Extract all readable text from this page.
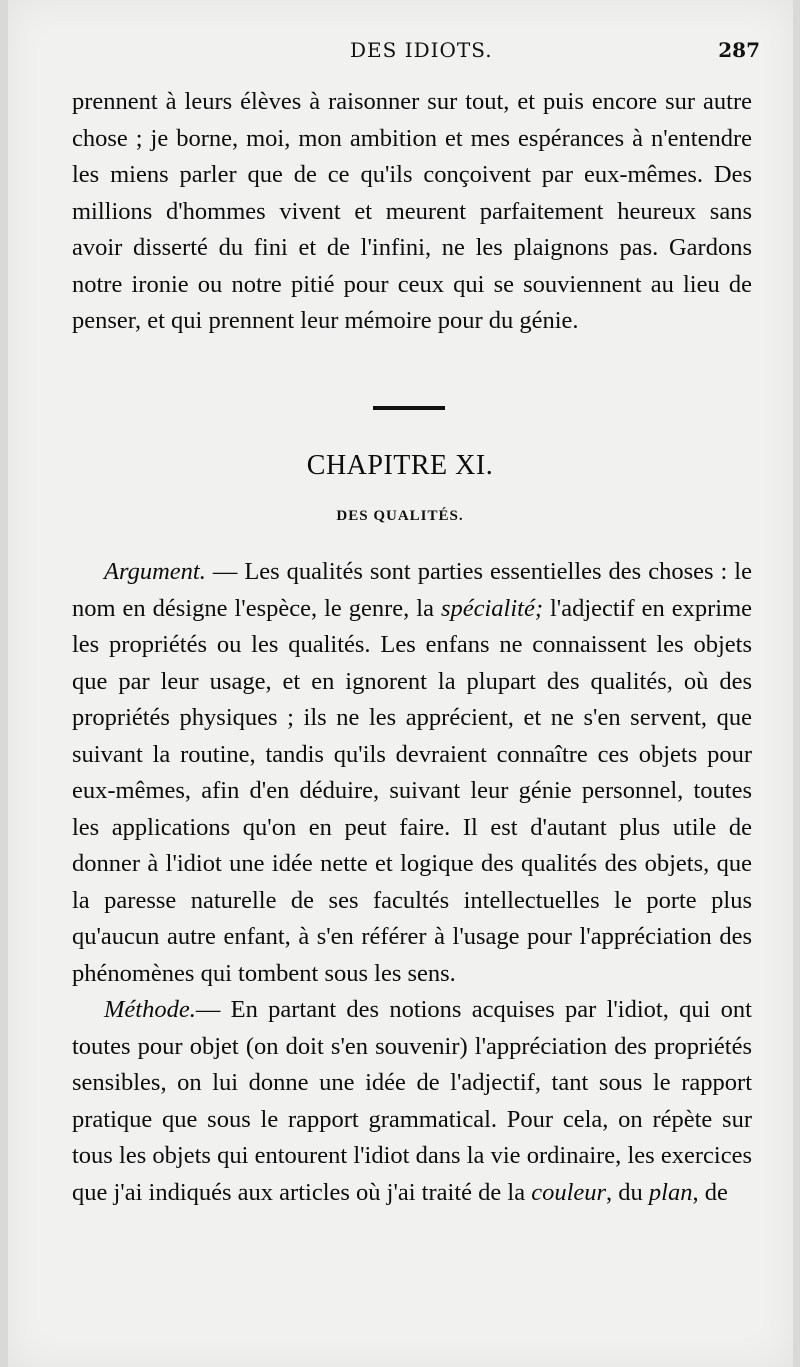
DES IDIOTS.	287

prennent à leurs élèves à raisonner sur tout, et puis encore sur autre chose ; je borne, moi, mon ambition et mes espérances à n'entendre les miens parler que de ce qu'ils conçoivent par eux-mêmes. Des millions d'hommes vivent et meurent parfaitement heureux sans avoir disserté du fini et de l'infini, ne les plaignons pas. Gardons notre ironie ou notre pitié pour ceux qui se souviennent au lieu de penser, et qui prennent leur mémoire pour du génie.

CHAPITRE XI.
DES QUALITÉS.

Argument. — Les qualités sont parties essentielles des choses : le nom en désigne l'espèce, le genre, la spécialité; l'adjectif en exprime les propriétés ou les qualités. Les enfans ne connaissent les objets que par leur usage, et en ignorent la plupart des qualités, où des propriétés physiques ; ils ne les apprécient, et ne s'en servent, que suivant la routine, tandis qu'ils devraient connaître ces objets pour eux-mêmes, afin d'en déduire, suivant leur génie personnel, toutes les applications qu'on en peut faire. Il est d'autant plus utile de donner à l'idiot une idée nette et logique des qualités des objets, que la paresse naturelle de ses facultés intellectuelles le porte plus qu'aucun autre enfant, à s'en référer à l'usage pour l'appréciation des phénomènes qui tombent sous les sens.

Méthode.— En partant des notions acquises par l'idiot, qui ont toutes pour objet (on doit s'en souvenir) l'appréciation des propriétés sensibles, on lui donne une idée de l'adjectif, tant sous le rapport pratique que sous le rapport grammatical. Pour cela, on répète sur tous les objets qui entourent l'idiot dans la vie ordinaire, les exercices que j'ai indiqués aux articles où j'ai traité de la couleur, du plan, de
